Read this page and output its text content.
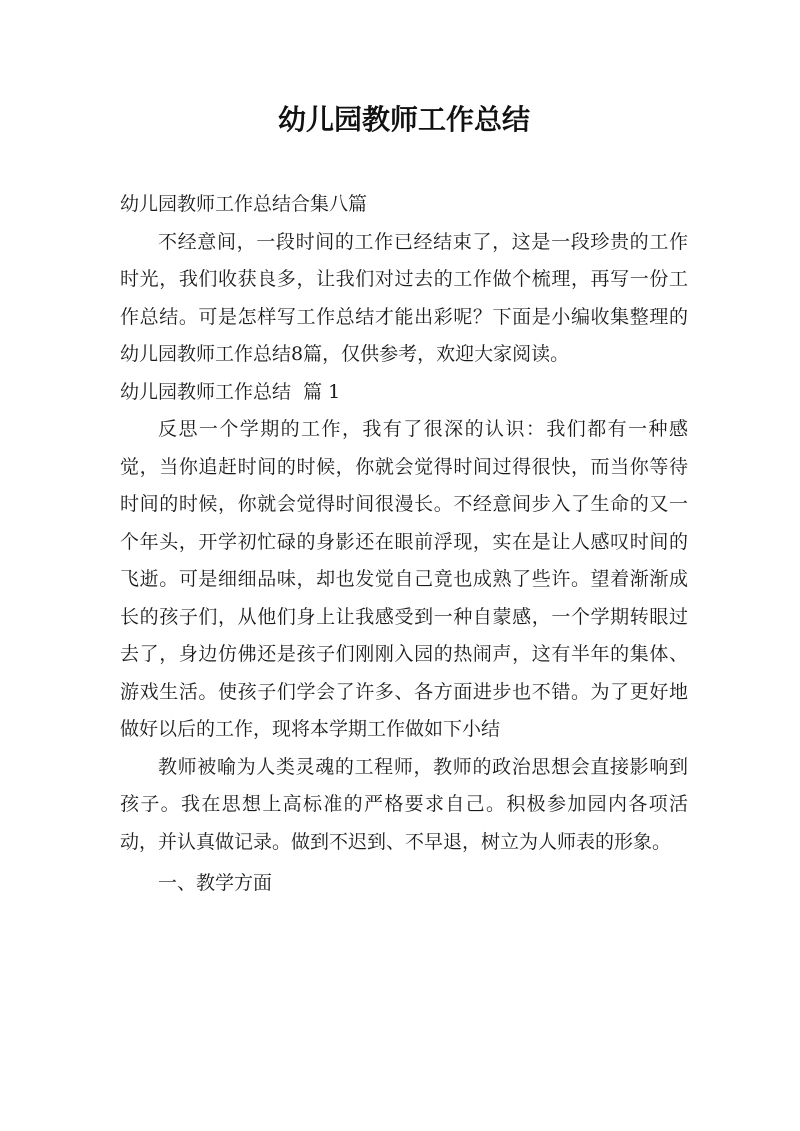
幼儿园教师工作总结

幼儿园教师工作总结合集八篇

不经意间，一段时间的工作已经结束了，这是一段珍贵的工作时光，我们收获良多，让我们对过去的工作做个梳理，再写一份工作总结。可是怎样写工作总结才能出彩呢？下面是小编收集整理的幼儿园教师工作总结8篇，仅供参考，欢迎大家阅读。

幼儿园教师工作总结  篇 1

反思一个学期的工作，我有了很深的认识：我们都有一种感觉，当你追赶时间的时候，你就会觉得时间过得很快，而当你等待时间的时候，你就会觉得时间很漫长。不经意间步入了生命的又一个年头，开学初忙碌的身影还在眼前浮现，实在是让人感叹时间的飞逝。可是细细品味，却也发觉自己竟也成熟了些许。望着渐渐成长的孩子们，从他们身上让我感受到一种自蒙感，一个学期转眼过去了，身边仿佛还是孩子们刚刚入园的热闹声，这有半年的集体、游戏生活。使孩子们学会了许多、各方面进步也不错。为了更好地做好以后的工作，现将本学期工作做如下小结

教师被喻为人类灵魂的工程师，教师的政治思想会直接影响到孩子。我在思想上高标准的严格要求自己。积极参加园内各项活动，并认真做记录。做到不迟到、不早退，树立为人师表的形象。

一、教学方面
